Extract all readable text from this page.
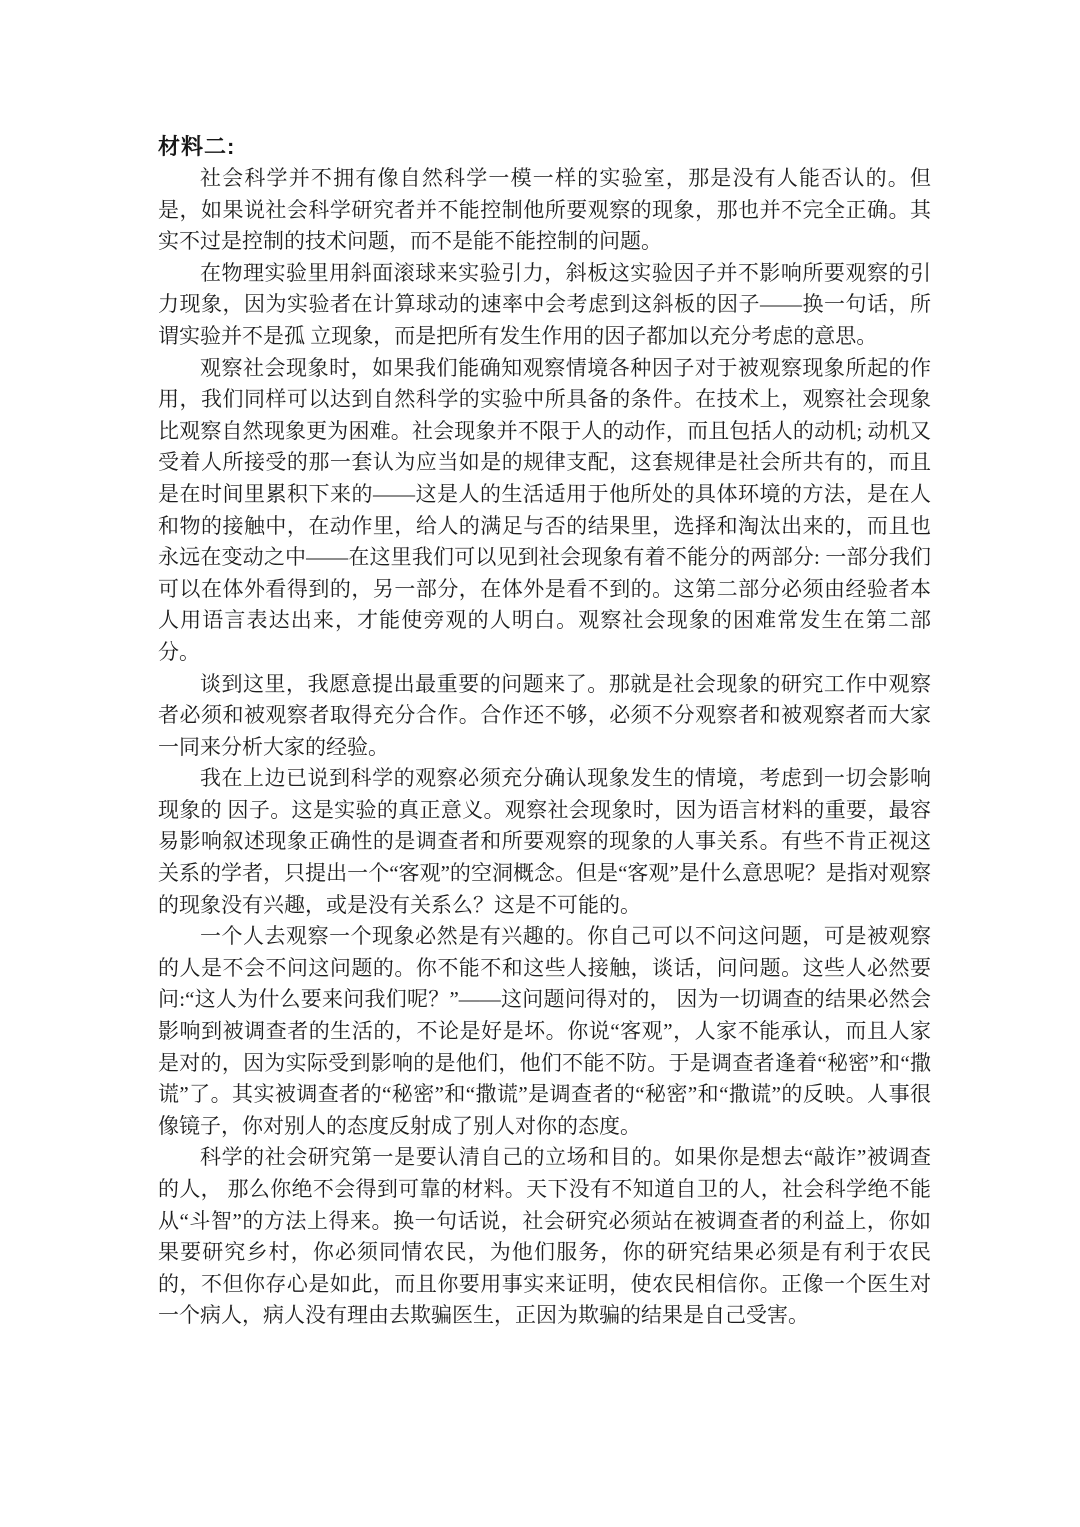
材料二:

社会科学并不拥有像自然科学一模一样的实验室，那是没有人能否认的。但是，如果说社会科学研究者并不能控制他所要观察的现象，那也并不完全正确。其实不过是控制的技术问题，而不是能不能控制的问题。

在物理实验里用斜面滚球来实验引力，斜板这实验因子并不影响所要观察的引力现象，因为实验者在计算球动的速率中会考虑到这斜板的因子——换一句话，所谓实验并不是孤 立现象，而是把所有发生作用的因子都加以充分考虑的意思。

观察社会现象时，如果我们能确知观察情境各种因子对于被观察现象所起的作用，我们同样可以达到自然科学的实验中所具备的条件。在技术上，观察社会现象比观察自然现象更为困难。社会现象并不限于人的动作，而且包括人的动机; 动机又受着人所接受的那一套认为应当如是的规律支配，这套规律是社会所共有的，而且是在时间里累积下来的——这是人的生活适用于他所处的具体环境的方法，是在人和物的接触中，在动作里，给人的满足与否的结果里，选择和淘汰出来的，而且也永远在变动之中——在这里我们可以见到社会现象有着不能分的两部分: 一部分我们可以在体外看得到的，另一部分，在体外是看不到的。这第二部分必须由经验者本人用语言表达出来，才能使旁观的人明白。观察社会现象的困难常发生在第二部分。

谈到这里，我愿意提出最重要的问题来了。那就是社会现象的研究工作中观察者必须和被观察者取得充分合作。合作还不够，必须不分观察者和被观察者而大家一同来分析大家的经验。

我在上边已说到科学的观察必须充分确认现象发生的情境，考虑到一切会影响现象的 因子。这是实验的真正意义。观察社会现象时，因为语言材料的重要，最容易影响叙述现象正确性的是调查者和所要观察的现象的人事关系。有些不肯正视这关系的学者，只提出一个“客观”的空洞概念。但是“客观”是什么意思呢？是指对观察的现象没有兴趣，或是没有关系么？这是不可能的。

一个人去观察一个现象必然是有兴趣的。你自己可以不问这问题，可是被观察的人是不会不问这问题的。你不能不和这些人接触，谈话，问问题。这些人必然要问:“这人为什么要来问我们呢？”——这问题问得对的， 因为一切调查的结果必然会影响到被调查者的生活的，不论是好是坏。你说“客观”，人家不能承认，而且人家是对的，因为实际受到影响的是他们，他们不能不防。于是调查者逢着“秘密”和“撒谎”了。其实被调查者的“秘密”和“撒谎”是调查者的“秘密”和“撒谎”的反映。人事很像镜子，你对别人的态度反射成了别人对你的态度。

科学的社会研究第一是要认清自己的立场和目的。如果你是想去“敲诈”被调查的人， 那么你绝不会得到可靠的材料。天下没有不知道自卫的人，社会科学绝不能从“斗智”的方法上得来。换一句话说，社会研究必须站在被调查者的利益上，你如果要研究乡村，你必须同情农民，为他们服务，你的研究结果必须是有利于农民的，不但你存心是如此，而且你要用事实来证明，使农民相信你。正像一个医生对一个病人，病人没有理由去欺骗医生，正因为欺骗的结果是自己受害。
